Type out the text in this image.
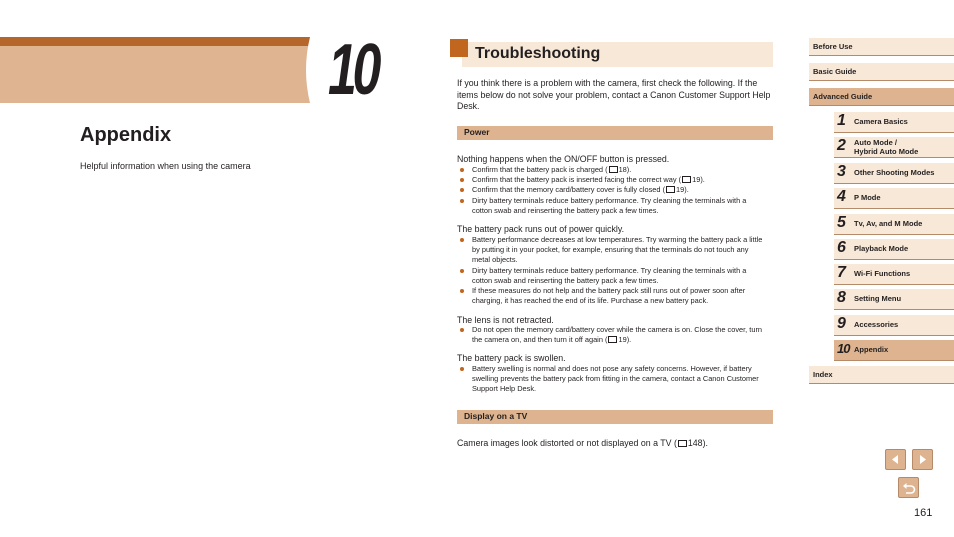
10
Appendix
Helpful information when using the camera
Troubleshooting
If you think there is a problem with the camera, first check the following. If the items below do not solve your problem, contact a Canon Customer Support Help Desk.
Power
Nothing happens when the ON/OFF button is pressed.
Confirm that the battery pack is charged ( 18).
Confirm that the battery pack is inserted facing the correct way ( 19).
Confirm that the memory card/battery cover is fully closed ( 19).
Dirty battery terminals reduce battery performance. Try cleaning the terminals with a cotton swab and reinserting the battery pack a few times.
The battery pack runs out of power quickly.
Battery performance decreases at low temperatures. Try warming the battery pack a little by putting it in your pocket, for example, ensuring that the terminals do not touch any metal objects.
Dirty battery terminals reduce battery performance. Try cleaning the terminals with a cotton swab and reinserting the battery pack a few times.
If these measures do not help and the battery pack still runs out of power soon after charging, it has reached the end of its life. Purchase a new battery pack.
The lens is not retracted.
Do not open the memory card/battery cover while the camera is on. Close the cover, turn the camera on, and then turn it off again ( 19).
The battery pack is swollen.
Battery swelling is normal and does not pose any safety concerns. However, if battery swelling prevents the battery pack from fitting in the camera, contact a Canon Customer Support Help Desk.
Display on a TV
Camera images look distorted or not displayed on a TV ( 148).
Before Use
Basic Guide
Advanced Guide
1 Camera Basics
2 Auto Mode /
Hybrid Auto Mode
3 Other Shooting Modes
4 P Mode
5 Tv, Av, and M Mode
6 Playback Mode
7 Wi-Fi Functions
8 Setting Menu
9 Accessories
10 Appendix
Index
161
